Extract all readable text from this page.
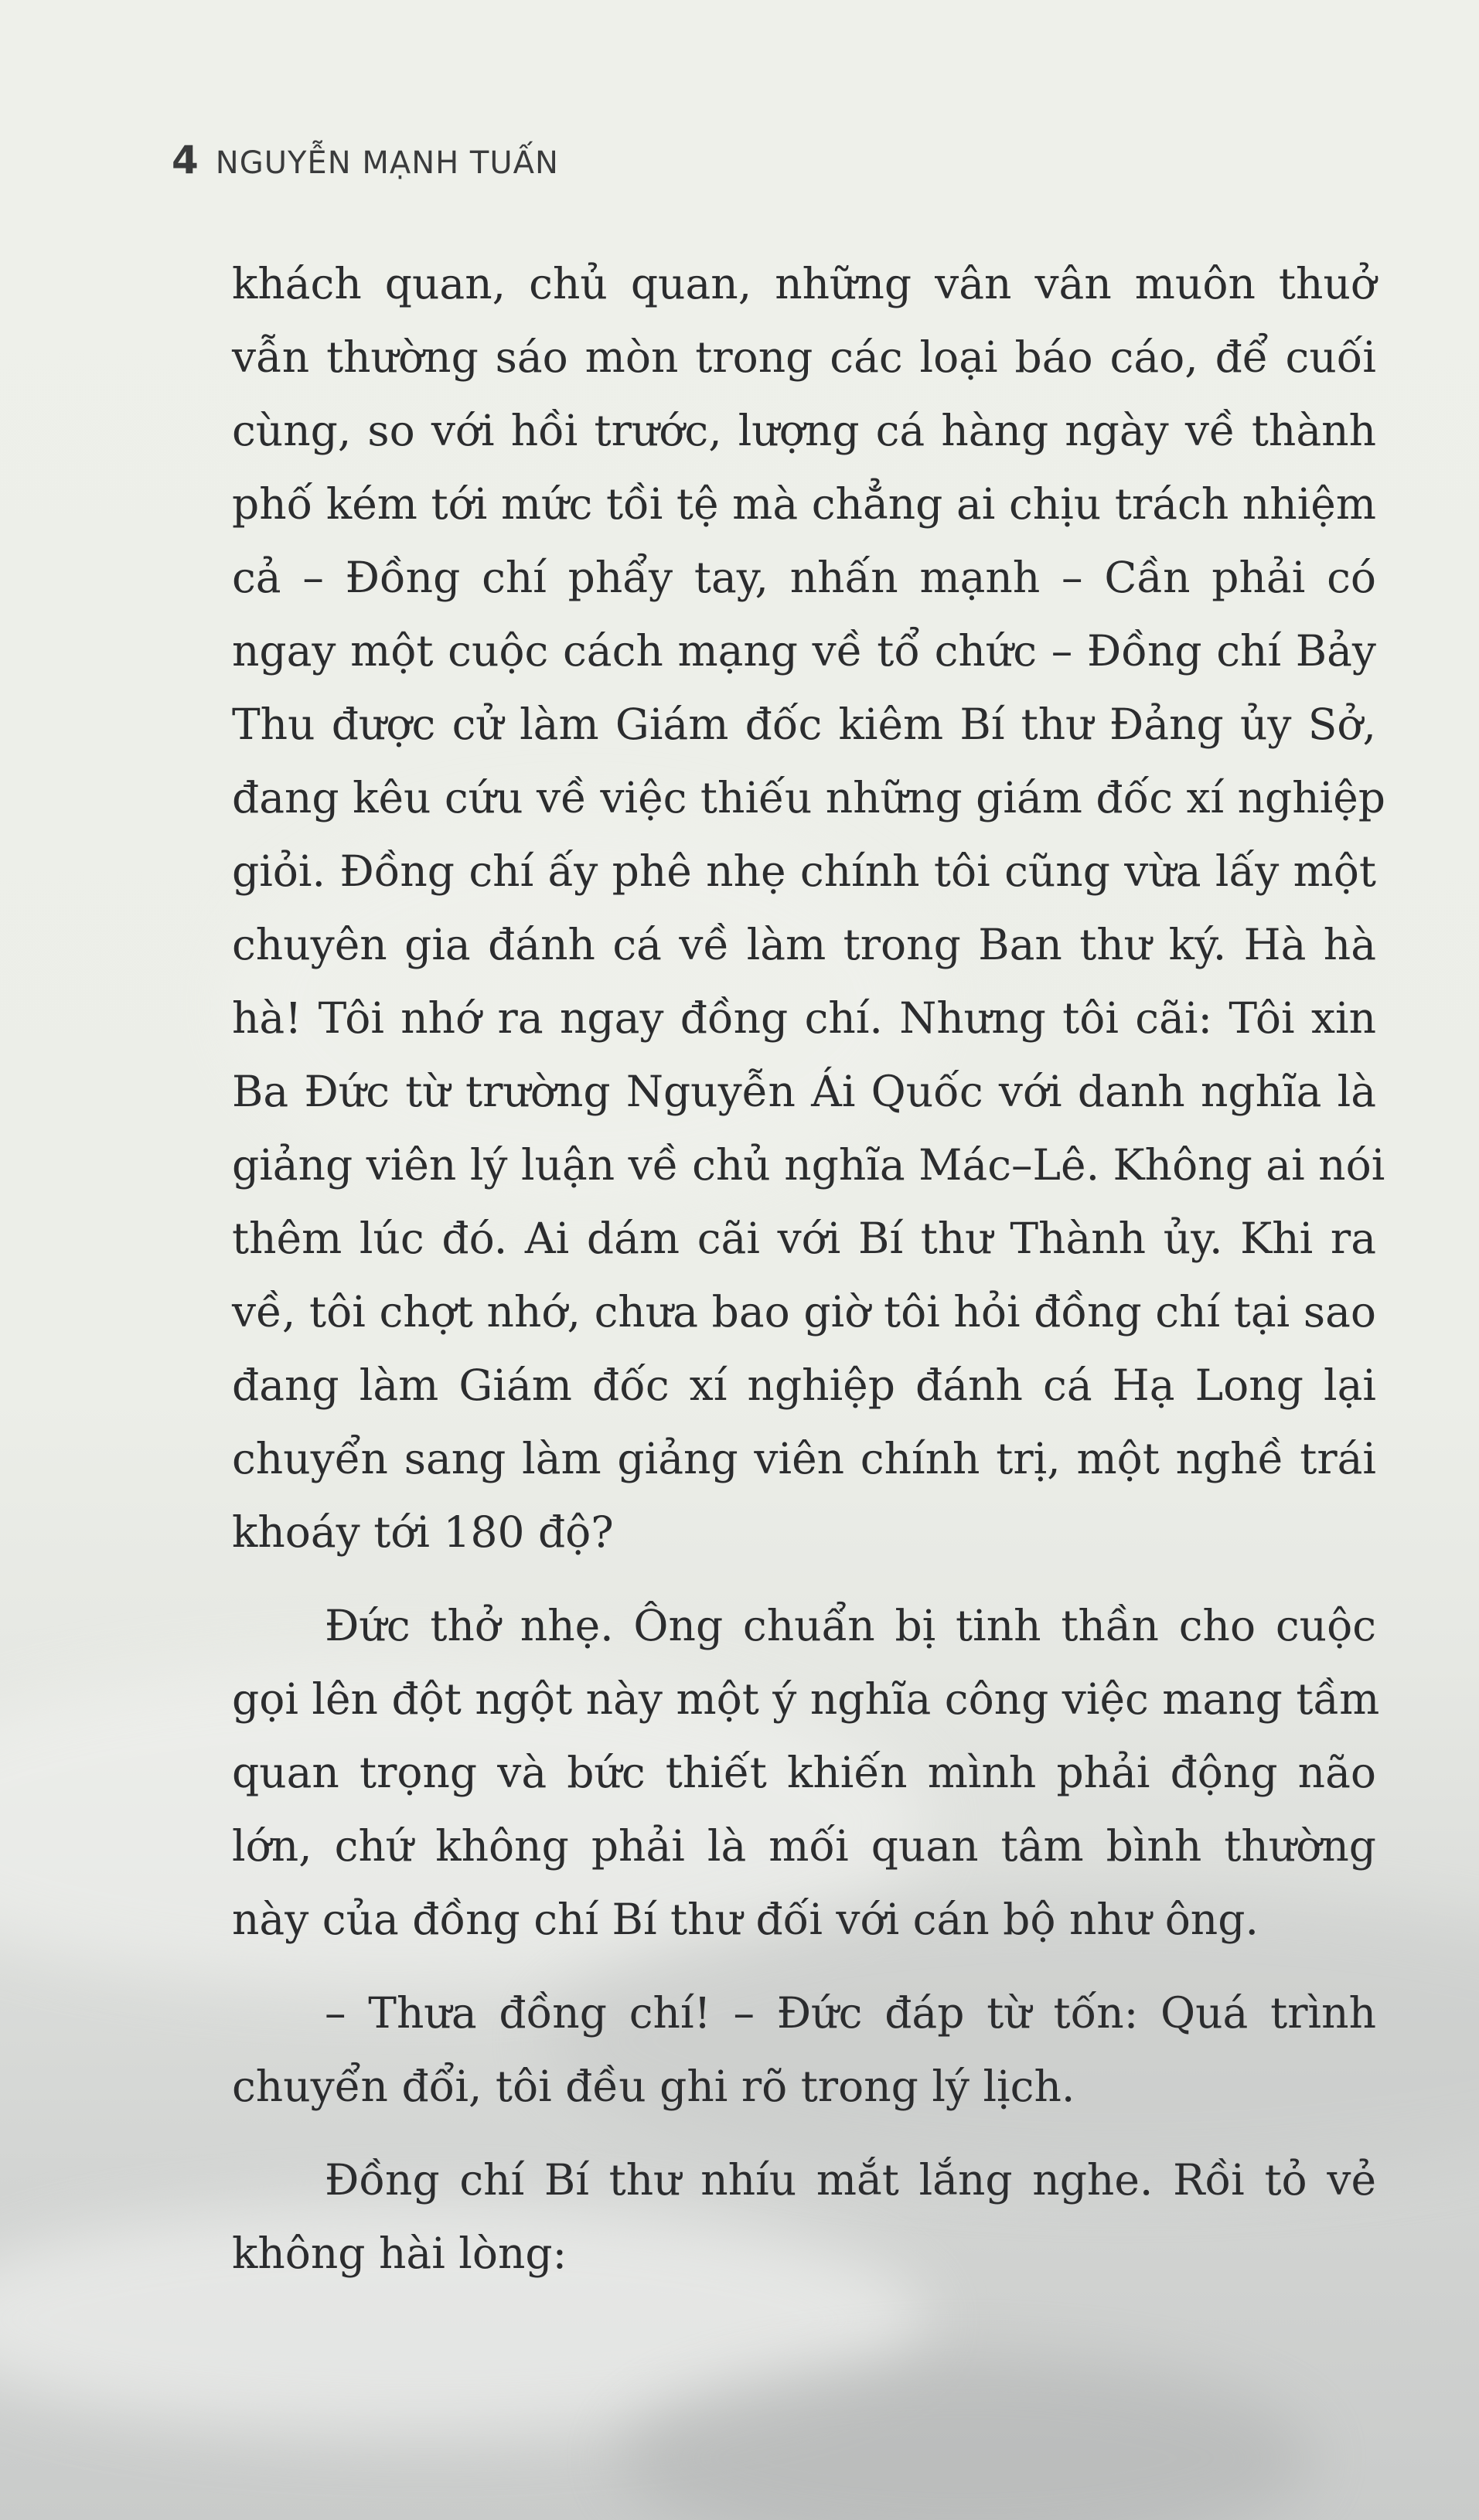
4 NGUYỄN MẠNH TUẤN

khách quan, chủ quan, những vân vân muôn thuở
vẫn thường sáo mòn trong các loại báo cáo, để cuối
cùng, so với hồi trước, lượng cá hàng ngày về thành
phố kém tới mức tồi tệ mà chẳng ai chịu trách nhiệm
cả – Đồng chí phẩy tay, nhấn mạnh – Cần phải có
ngay một cuộc cách mạng về tổ chức – Đồng chí Bảy
Thu được cử làm Giám đốc kiêm Bí thư Đảng ủy Sở,
đang kêu cứu về việc thiếu những giám đốc xí nghiệp
giỏi. Đồng chí ấy phê nhẹ chính tôi cũng vừa lấy một
chuyên gia đánh cá về làm trong Ban thư ký. Hà hà
hà! Tôi nhớ ra ngay đồng chí. Nhưng tôi cãi: Tôi xin
Ba Đức từ trường Nguyễn Ái Quốc với danh nghĩa là
giảng viên lý luận về chủ nghĩa Mác–Lê. Không ai nói
thêm lúc đó. Ai dám cãi với Bí thư Thành ủy. Khi ra
về, tôi chợt nhớ, chưa bao giờ tôi hỏi đồng chí tại sao
đang làm Giám đốc xí nghiệp đánh cá Hạ Long lại
chuyển sang làm giảng viên chính trị, một nghề trái
khoáy tới 180 độ?

Đức thở nhẹ. Ông chuẩn bị tinh thần cho cuộc
gọi lên đột ngột này một ý nghĩa công việc mang tầm
quan trọng và bức thiết khiến mình phải động não
lớn, chứ không phải là mối quan tâm bình thường
này của đồng chí Bí thư đối với cán bộ như ông.

– Thưa đồng chí! – Đức đáp từ tốn: Quá trình
chuyển đổi, tôi đều ghi rõ trong lý lịch.

Đồng chí Bí thư nhíu mắt lắng nghe. Rồi tỏ vẻ
không hài lòng:
